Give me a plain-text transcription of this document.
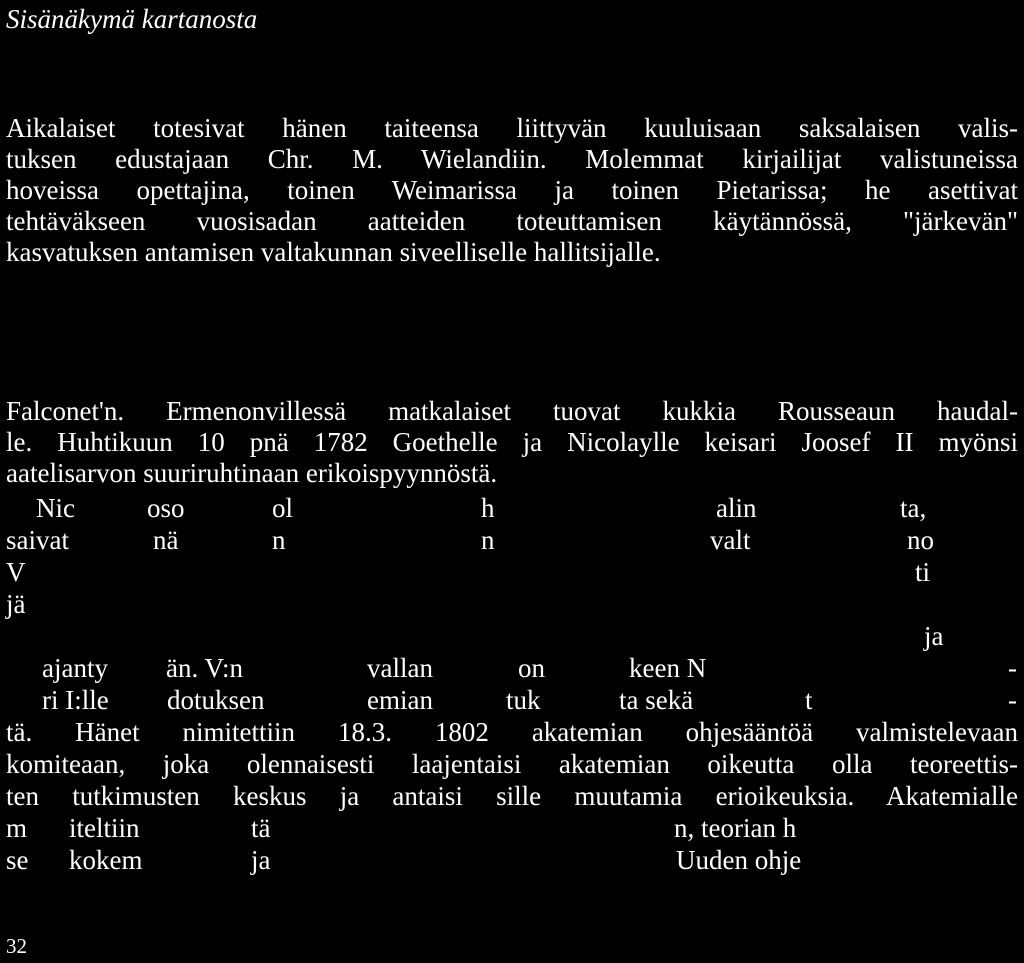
Sisänäkymä kartanosta
Aikalaiset totesivat hänen taiteensa liittyvän kuuluisaan saksalaisen valis-
tuksen edustajaan Chr. M. Wielandiin. Molemmat kirjailijat valistuneissa
hoveissa opettajina, toinen Weimarissa ja toinen Pietarissa; he asettivat
tehtäväkseen vuosisadan aatteiden toteuttamisen käytännössä, "järkevän"
kasvatuksen antamisen valtakunnan siveelliselle hallitsijalle.
Falconet'n. Ermenonvillessä matkalaiset tuovat kukkia Rousseaun haudal-
le. Huhtikuun 10 pnä 1782 Goethelle ja Nicolaylle keisari Joosef II myönsi
aatelisarvon suuriruhtinaan erikoispyynnöstä.
Nic	oso	ol	h	alin	ta,
saivat	nä	n	n	valt	no
V	ti
jä
ja
ajanty än. V:n	vallan	on	keen N	-
ri I:lle dotuksen	emian	tuk	ta sekä	t	-
tä. Hänet nimitettiin 18.3. 1802 akatemian ohjesääntöä valmistelevaan
komiteaan, joka olennaisesti laajentaisi akatemian oikeutta olla teoreettis-
ten tutkimusten keskus ja antaisi sille muutamia erioikeuksia. Akatemialle
m iteltiin	tä	n, teorian h
se kokem	ja	Uuden ohje
32
